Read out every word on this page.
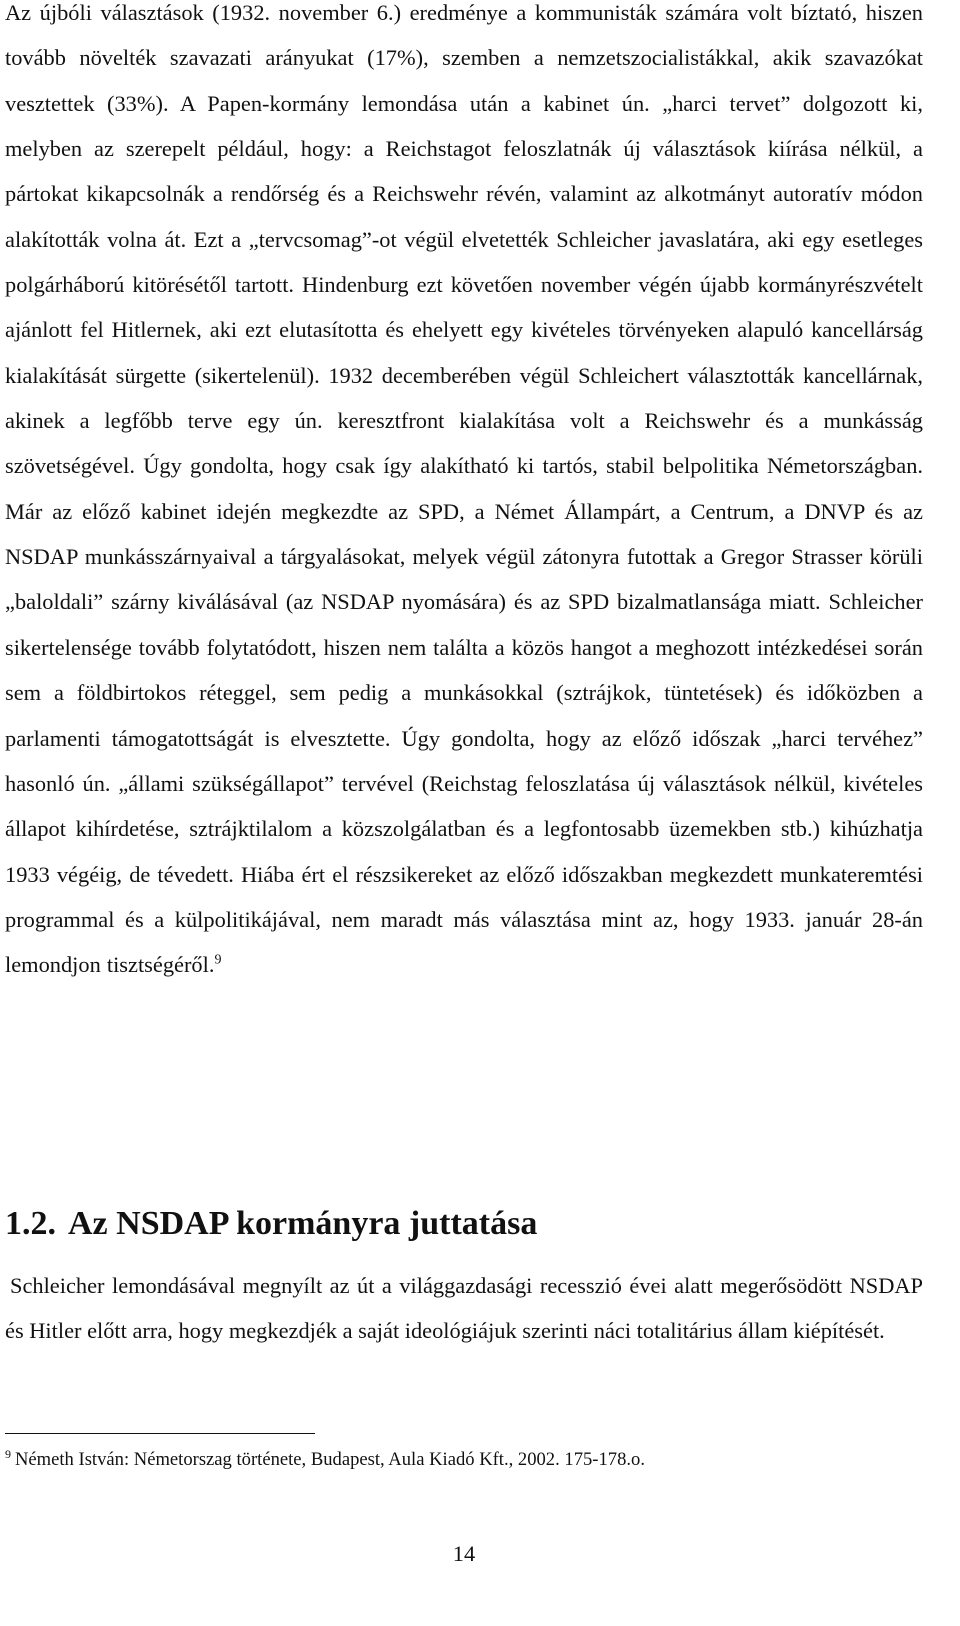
Az újbóli választások (1932. november 6.) eredménye a kommunisták számára volt bíztató, hiszen tovább növelték szavazati arányukat (17%), szemben a nemzetszocialistákkal, akik szavazókat vesztettek (33%). A Papen-kormány lemondása után a kabinet ún. „harci tervet” dolgozott ki, melyben az szerepelt például, hogy: a Reichstagot feloszlatnák új választások kiírása nélkül, a pártokat kikapcsolnák a rendőrség és a Reichswehr révén, valamint az alkotmányt autoratív módon alakították volna át. Ezt a „tervcsomag”-ot végül elvetették Schleicher javaslatára, aki egy esetleges polgárháború kitörésétől tartott. Hindenburg ezt követően november végén újabb kormányrészvételt ajánlott fel Hitlernek, aki ezt elutasította és ehelyett egy kivételes törvényeken alapuló kancellárság kialakítását sürgette (sikertelenül). 1932 decemberében végül Schleichert választották kancellárnak, akinek a legfőbb terve egy ún. keresztfront kialakítása volt a Reichswehr és a munkásság szövetségével. Úgy gondolta, hogy csak így alakítható ki tartós, stabil belpolitika Németországban. Már az előző kabinet idején megkezdte az SPD, a Német Állampárt, a Centrum, a DNVP és az NSDAP munkásszárnyaival a tárgyalásokat, melyek végül zátonyra futottak a Gregor Strasser körüli „baloldali” szárny kiválásával (az NSDAP nyomására) és az SPD bizalmatlansága miatt. Schleicher sikertelensége tovább folytatódott, hiszen nem találta a közös hangot a meghozott intézkedései során sem a földbirtokos réteggel, sem pedig a munkásokkal (sztrájkok, tüntetések) és időközben a parlamenti támogatottságát is elvesztette. Úgy gondolta, hogy az előző időszak „harci tervéhez” hasonló ún. „állami szükségállapot” tervével (Reichstag feloszlatása új választások nélkül, kivételes állapot kihírdetése, sztrájktilalom a közszolgálatban és a legfontosabb üzemekben stb.) kihúzhatja 1933 végéig, de tévedett. Hiába ért el részsikereket az előző időszakban megkezdett munkateremtési programmal és a külpolitikájával, nem maradt más választása mint az, hogy 1933. január 28-án lemondjon tisztségéről.$^9$

1.2. Az NSDAP kormányra juttatása

Schleicher lemondásával megnyílt az út a világgazdasági recesszió évei alatt megerősödött NSDAP és Hitler előtt arra, hogy megkezdjék a saját ideológiájuk szerinti náci totalitárius állam kiépítését.

$^9$ Németh István: Németorszag története, Budapest, Aula Kiadó Kft., 2002. 175-178.o.

14
